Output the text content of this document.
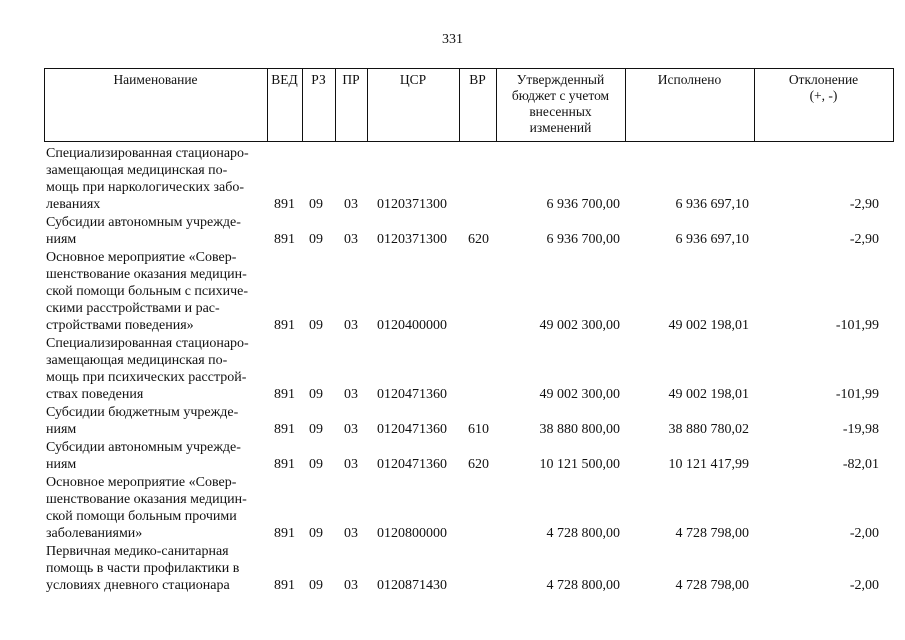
331
Наименование	ВЕД	РЗ	ПР	ЦСР	ВР	Утвержденный
бюджет с учетом
внесенных
изменений
Исполнено	Отклонение
(+, -)
Специализированная стационаро-
замещающая медицинская по-
мощь при наркологических забо-
леваниях	891 09 03 0120371300	6 936 700,00	6 936 697,10	-2,90
Субсидии автономным учрежде-
ниям	891 09 03 0120371300 620	6 936 700,00	6 936 697,10	-2,90
Основное мероприятие «Совер-
шенствование оказания медицин-
ской помощи больным с психиче-
скими расстройствами и рас-
стройствами поведения»	891 09 03 0120400000	49 002 300,00	49 002 198,01	-101,99
Специализированная стационаро-
замещающая медицинская по-
мощь при психических расстрой-
ствах поведения	891 09 03 0120471360	49 002 300,00	49 002 198,01	-101,99
Субсидии бюджетным учрежде-
ниям	891 09 03 0120471360 610	38 880 800,00	38 880 780,02	-19,98
Субсидии автономным учрежде-
ниям	891 09 03 0120471360 620	10 121 500,00	10 121 417,99	-82,01
Основное мероприятие «Совер-
шенствование оказания медицин-
ской помощи больным прочими
заболеваниями»	891 09 03 0120800000	4 728 800,00	4 728 798,00	-2,00
Первичная медико-санитарная
помощь в части профилактики в
условиях дневного стационара	891 09 03 0120871430	4 728 800,00	4 728 798,00	-2,00
